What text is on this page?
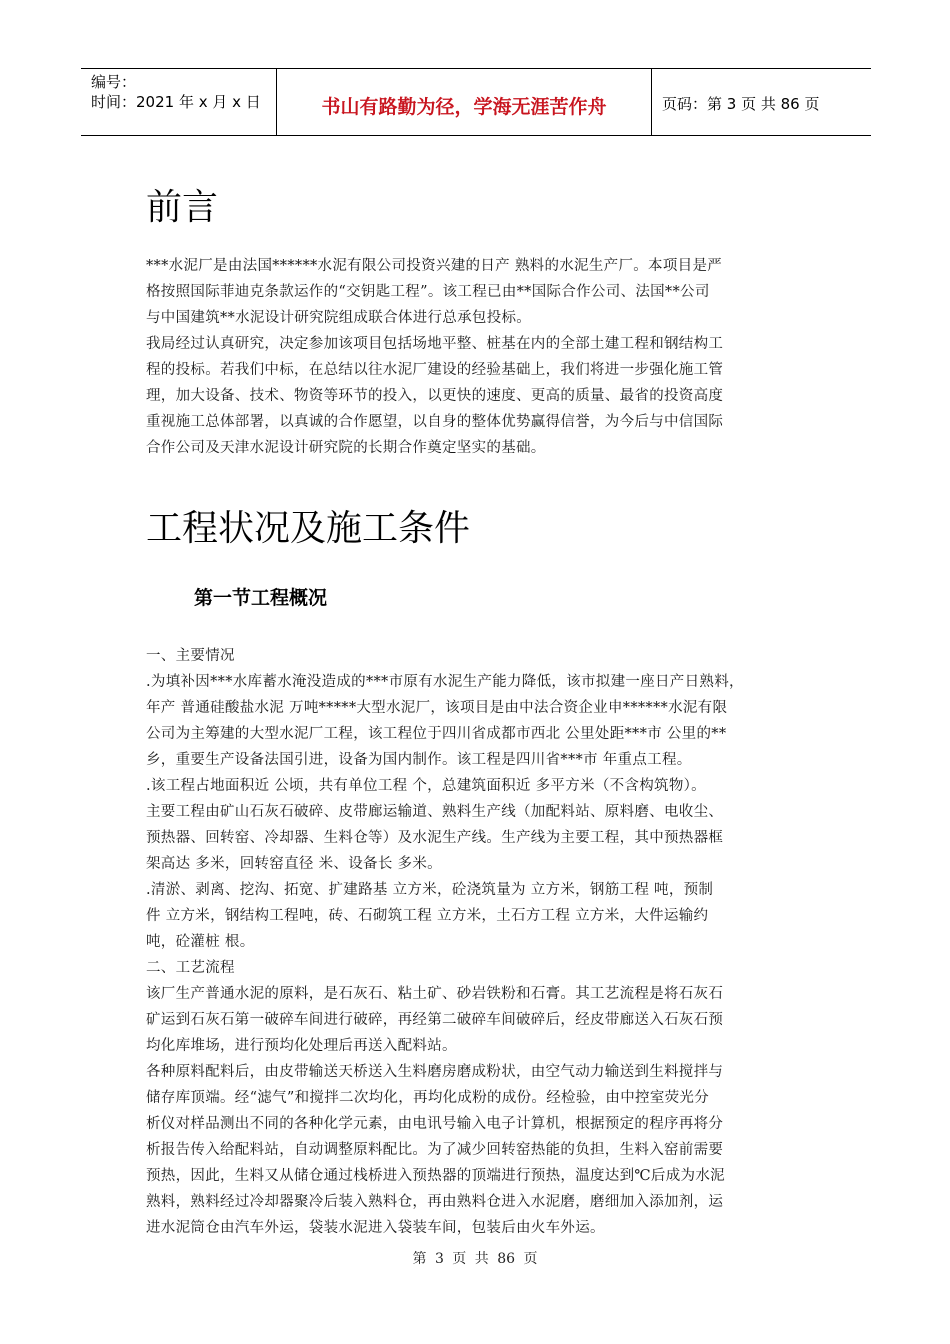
编号：
时间：2021 年 x 月 x 日	书山有路勤为径，学海无涯苦作舟	页码：第 3 页 共 86 页
前言
***水泥厂是由法国******水泥有限公司投资兴建的日产 熟料的水泥生产厂。本项目是严
格按照国际菲迪克条款运作的“交钥匙工程”。该工程已由**国际合作公司、法国**公司
与中国建筑**水泥设计研究院组成联合体进行总承包投标。
我局经过认真研究，决定参加该项目包括场地平整、桩基在内的全部土建工程和钢结构工
程的投标。若我们中标，在总结以往水泥厂建设的经验基础上，我们将进一步强化施工管
理，加大设备、技术、物资等环节的投入，以更快的速度、更高的质量、最省的投资高度
重视施工总体部署，以真诚的合作愿望，以自身的整体优势赢得信誉，为今后与中信国际
合作公司及天津水泥设计研究院的长期合作奠定坚实的基础。
工程状况及施工条件
第一节工程概况
一、主要情况
.为填补因***水库蓄水淹没造成的***市原有水泥生产能力降低，该市拟建一座日产日熟料，
年产 普通硅酸盐水泥 万吨*****大型水泥厂，该项目是由中法合资企业申******水泥有限
公司为主筹建的大型水泥厂工程，该工程位于四川省成都市西北 公里处距***市 公里的**
乡，重要生产设备法国引进，设备为国内制作。该工程是四川省***市 年重点工程。
.该工程占地面积近 公顷，共有单位工程 个，总建筑面积近 多平方米（不含构筑物）。
主要工程由矿山石灰石破碎、皮带廊运输道、熟料生产线（加配料站、原料磨、电收尘、
预热器、回转窑、冷却器、生料仓等）及水泥生产线。生产线为主要工程，其中预热器框
架高达 多米，回转窑直径 米、设备长 多米。
.清淤、剥离、挖沟、拓宽、扩建路基 立方米，砼浇筑量为 立方米，钢筋工程 吨，预制
件 立方米，钢结构工程吨，砖、石砌筑工程 立方米，土石方工程 立方米，大件运输约
吨，砼灌桩 根。
二、工艺流程
该厂生产普通水泥的原料，是石灰石、粘土矿、砂岩铁粉和石膏。其工艺流程是将石灰石
矿运到石灰石第一破碎车间进行破碎，再经第二破碎车间破碎后，经皮带廊送入石灰石预
均化库堆场，进行预均化处理后再送入配料站。
各种原料配料后，由皮带输送天桥送入生料磨房磨成粉状，由空气动力输送到生料搅拌与
储存库顶端。经“滤气”和搅拌二次均化，再均化成粉的成份。经检验，由中控室荧光分
析仪对样品测出不同的各种化学元素，由电讯号输入电子计算机，根据预定的程序再将分
析报告传入给配料站，自动调整原料配比。为了减少回转窑热能的负担，生料入窑前需要
预热，因此，生料又从储仓通过栈桥进入预热器的顶端进行预热，温度达到℃后成为水泥
熟料，熟料经过冷却器聚冷后装入熟料仓，再由熟料仓进入水泥磨，磨细加入添加剂，运
进水泥筒仓由汽车外运，袋装水泥进入袋装车间，包装后由火车外运。
第 3 页 共 86 页
